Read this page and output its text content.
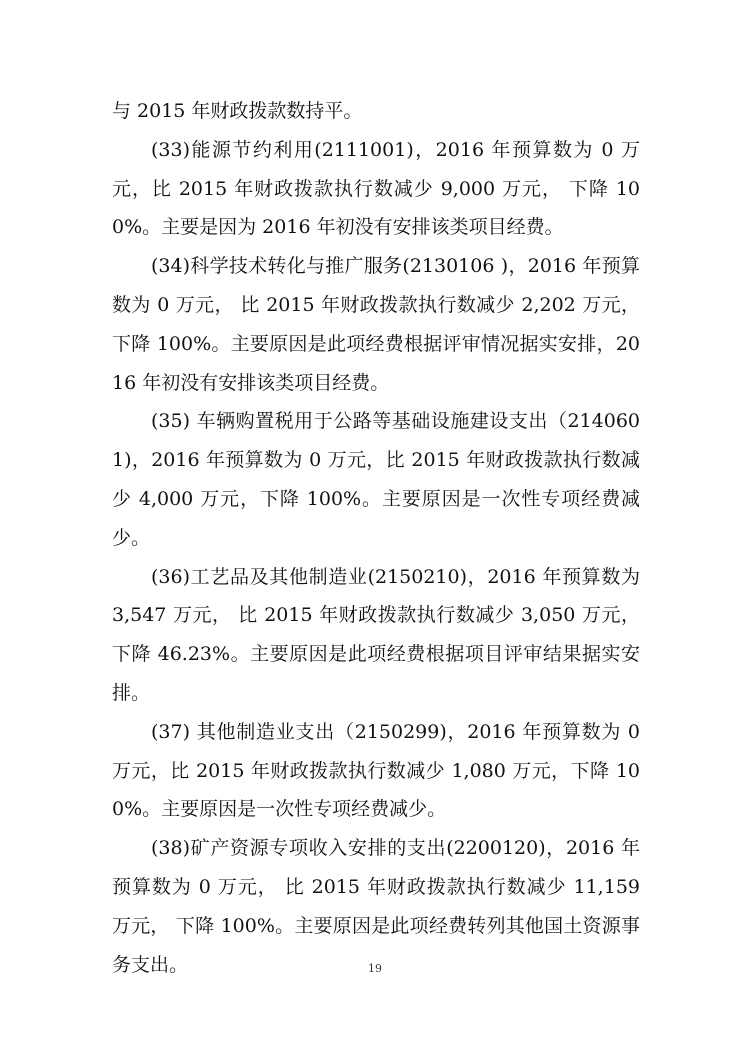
与 2015 年财政拨款数持平。

(33)能源节约利用(2111001)，2016 年预算数为 0 万元，比 2015 年财政拨款执行数减少 9,000 万元， 下降 100%。主要是因为 2016 年初没有安排该类项目经费。

(34)科学技术转化与推广服务(2130106 )，2016 年预算数为 0 万元， 比 2015 年财政拨款执行数减少 2,202 万元，下降 100%。主要原因是此项经费根据评审情况据实安排，2016 年初没有安排该类项目经费。

(35) 车辆购置税用于公路等基础设施建设支出（2140601)，2016 年预算数为 0 万元，比 2015 年财政拨款执行数减少 4,000 万元，下降 100%。主要原因是一次性专项经费减少。

(36)工艺品及其他制造业(2150210)，2016 年预算数为 3,547 万元， 比 2015 年财政拨款执行数减少 3,050 万元，下降 46.23%。主要原因是此项经费根据项目评审结果据实安排。

(37) 其他制造业支出（2150299)，2016 年预算数为 0 万元，比 2015 年财政拨款执行数减少 1,080 万元，下降 100%。主要原因是一次性专项经费减少。

(38)矿产资源专项收入安排的支出(2200120)，2016 年预算数为 0 万元， 比 2015 年财政拨款执行数减少 11,159 万元， 下降 100%。主要原因是此项经费转列其他国土资源事务支出。	19
